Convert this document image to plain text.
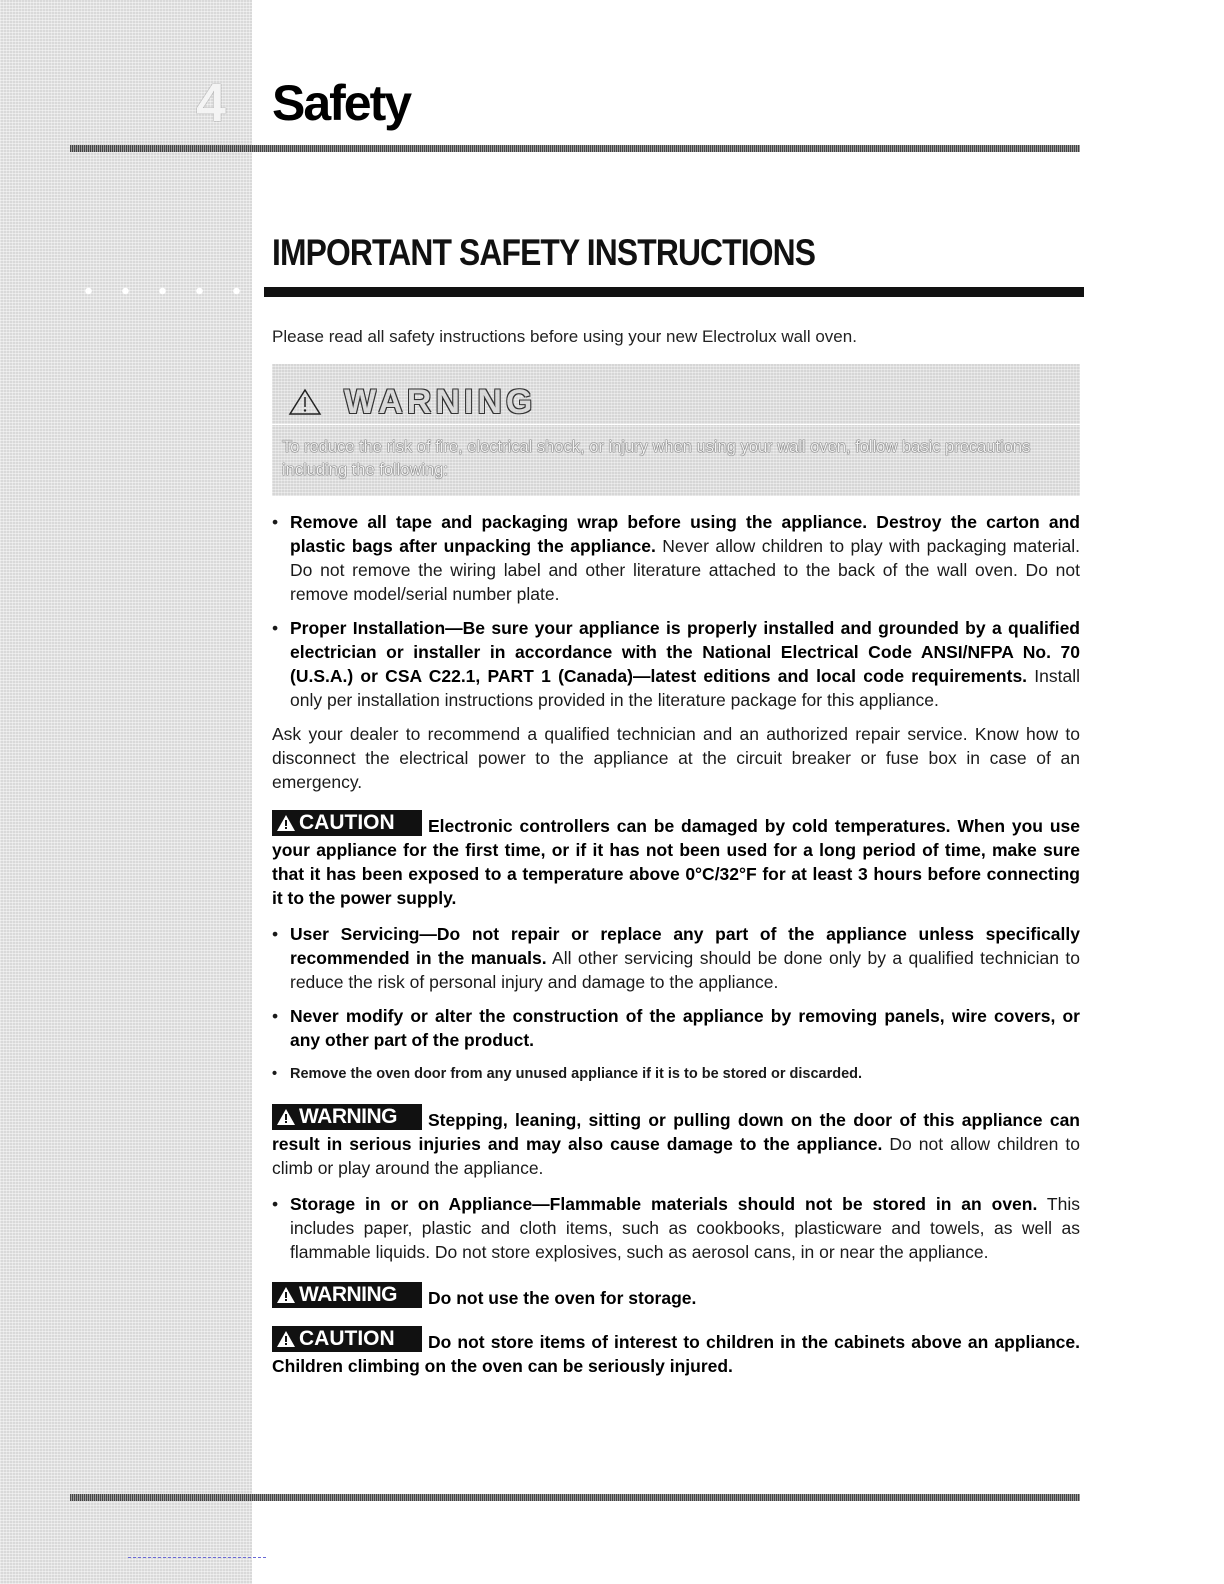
4 Safety
IMPORTANT SAFETY INSTRUCTIONS
Please read all safety instructions before using your new Electrolux wall oven.
WARNING
To reduce the risk of fire, electrical shock, or injury when using your wall oven, follow basic precautions including the following:
• Remove all tape and packaging wrap before using the appliance. Destroy the carton and plastic bags after unpacking the appliance. Never allow children to play with packaging material. Do not remove the wiring label and other literature attached to the back of the wall oven. Do not remove model/serial number plate.
• Proper Installation—Be sure your appliance is properly installed and grounded by a qualified electrician or installer in accordance with the National Electrical Code ANSI/NFPA No. 70 (U.S.A.) or CSA C22.1, PART 1 (Canada)—latest editions and local code requirements. Install only per installation instructions provided in the literature package for this appliance.
Ask your dealer to recommend a qualified technician and an authorized repair service. Know how to disconnect the electrical power to the appliance at the circuit breaker or fuse box in case of an emergency.
CAUTION Electronic controllers can be damaged by cold temperatures. When you use your appliance for the first time, or if it has not been used for a long period of time, make sure that it has been exposed to a temperature above 0°C/32°F for at least 3 hours before connecting it to the power supply.
• User Servicing—Do not repair or replace any part of the appliance unless specifically recommended in the manuals. All other servicing should be done only by a qualified technician to reduce the risk of personal injury and damage to the appliance.
• Never modify or alter the construction of the appliance by removing panels, wire covers, or any other part of the product.
• Remove the oven door from any unused appliance if it is to be stored or discarded.
WARNING Stepping, leaning, sitting or pulling down on the door of this appliance can result in serious injuries and may also cause damage to the appliance. Do not allow children to climb or play around the appliance.
• Storage in or on Appliance—Flammable materials should not be stored in an oven. This includes paper, plastic and cloth items, such as cookbooks, plasticware and towels, as well as flammable liquids. Do not store explosives, such as aerosol cans, in or near the appliance.
WARNING Do not use the oven for storage.
CAUTION Do not store items of interest to children in the cabinets above an appliance. Children climbing on the oven can be seriously injured.
